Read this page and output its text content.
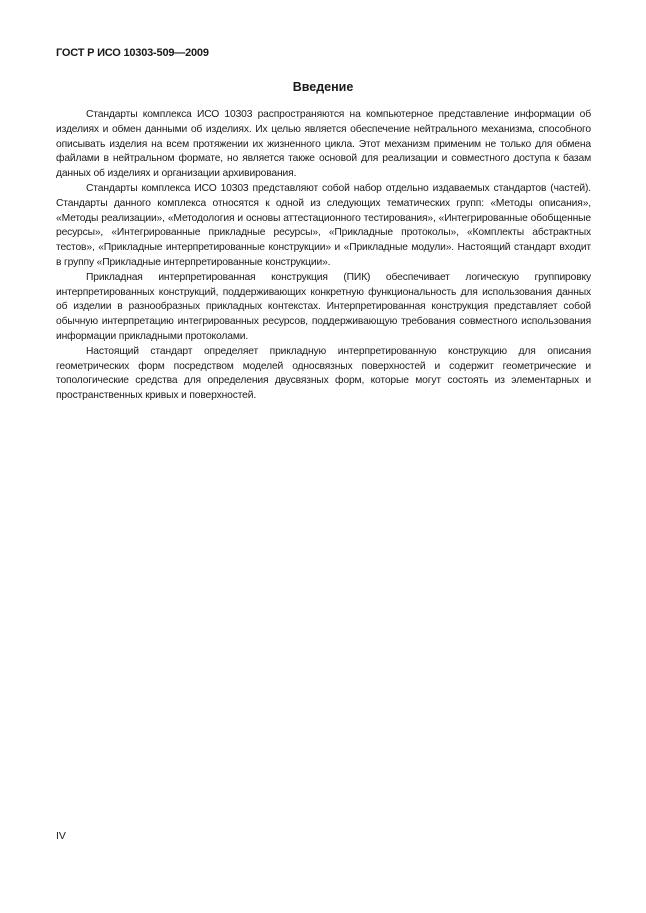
ГОСТ Р ИСО 10303-509—2009
Введение

Стандарты комплекса ИСО 10303 распространяются на компьютерное представление информации об изделиях и обмен данными об изделиях. Их целью является обеспечение нейтрального механизма, способного описывать изделия на всем протяжении их жизненного цикла. Этот механизм применим не только для обмена файлами в нейтральном формате, но является также основой для реализации и совместного доступа к базам данных об изделиях и организации архивирования.

Стандарты комплекса ИСО 10303 представляют собой набор отдельно издаваемых стандартов (частей). Стандарты данного комплекса относятся к одной из следующих тематических групп: «Методы описания», «Методы реализации», «Методология и основы аттестационного тестирования», «Интегрированные обобщенные ресурсы», «Интегрированные прикладные ресурсы», «Прикладные протоколы», «Комплекты абстрактных тестов», «Прикладные интерпретированные конструкции» и «Прикладные модули». Настоящий стандарт входит в группу «Прикладные интерпретированные конструкции».

Прикладная интерпретированная конструкция (ПИК) обеспечивает логическую группировку интерпретированных конструкций, поддерживающих конкретную функциональность для использования данных об изделии в разнообразных прикладных контекстах. Интерпретированная конструкция представляет собой обычную интерпретацию интегрированных ресурсов, поддерживающую требования совместного использования информации прикладными протоколами.

Настоящий стандарт определяет прикладную интерпретированную конструкцию для описания геометрических форм посредством моделей односвязных поверхностей и содержит геометрические и топологические средства для определения двусвязных форм, которые могут состоять из элементарных и пространственных кривых и поверхностей.

IV
